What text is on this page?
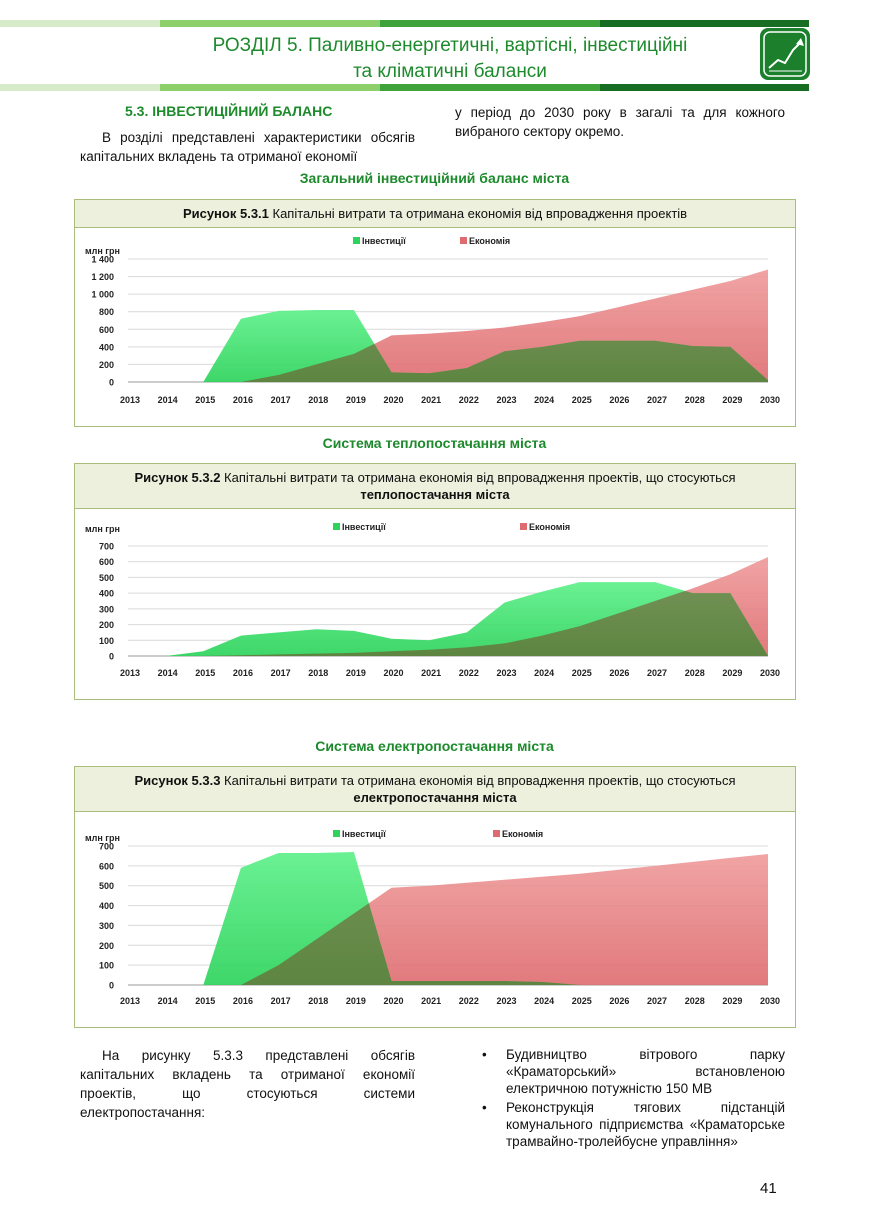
РОЗДІЛ 5. Паливно-енергетичні, вартісні, інвестиційні
та кліматичні баланси
5.3. ІНВЕСТИЦІЙНИЙ БАЛАНС
В розділі представлені характеристики обсягів капітальних вкладень та отриманої економії
у період до 2030 року в загалі та для кожного вибраного сектору окремо.
Загальний інвестиційний баланс міста
Рисунок 5.3.1 Капітальні витрати та отримана економія від впровадження проектів
0
200
400
600
800
1 000
1 200
1 400
млн грн
2013 2014 2015 2016 2017 2018 2019 2020 2021 2022 2023 2024 2025 2026 2027 2028 2029 2030
Інвестиції	Економія
Система теплопостачання міста
Рисунок 5.3.2 Капітальні витрати та отримана економія від впровадження проектів, що стосуються
теплопостачання міста
0
100
200
300
400
500
600
700
млн грн
2013 2014 2015 2016 2017 2018 2019 2020 2021 2022 2023 2024 2025 2026 2027 2028 2029 2030
Інвестиції	Економія
Система електропостачання міста
Рисунок 5.3.3 Капітальні витрати та отримана економія від впровадження проектів, що стосуються
електропостачання міста
0
100
200
300
400
500
600
700
млн грн
2013 2014 2015 2016 2017 2018 2019 2020 2021 2022 2023 2024 2025 2026 2027 2028 2029 2030
Інвестиції	Економія
На рисунку 5.3.3 представлені обсягів капітальних вкладень та отриманої економії проектів, що стосуються системи електропостачання:
• Будивництво вітрового парку «Краматорський» встановленою електричною потужністю 150 МВ
• Реконструкція тягових підстанцій комунального підприємства «Краматорське трамвайно-тролейбусне управління»
41
